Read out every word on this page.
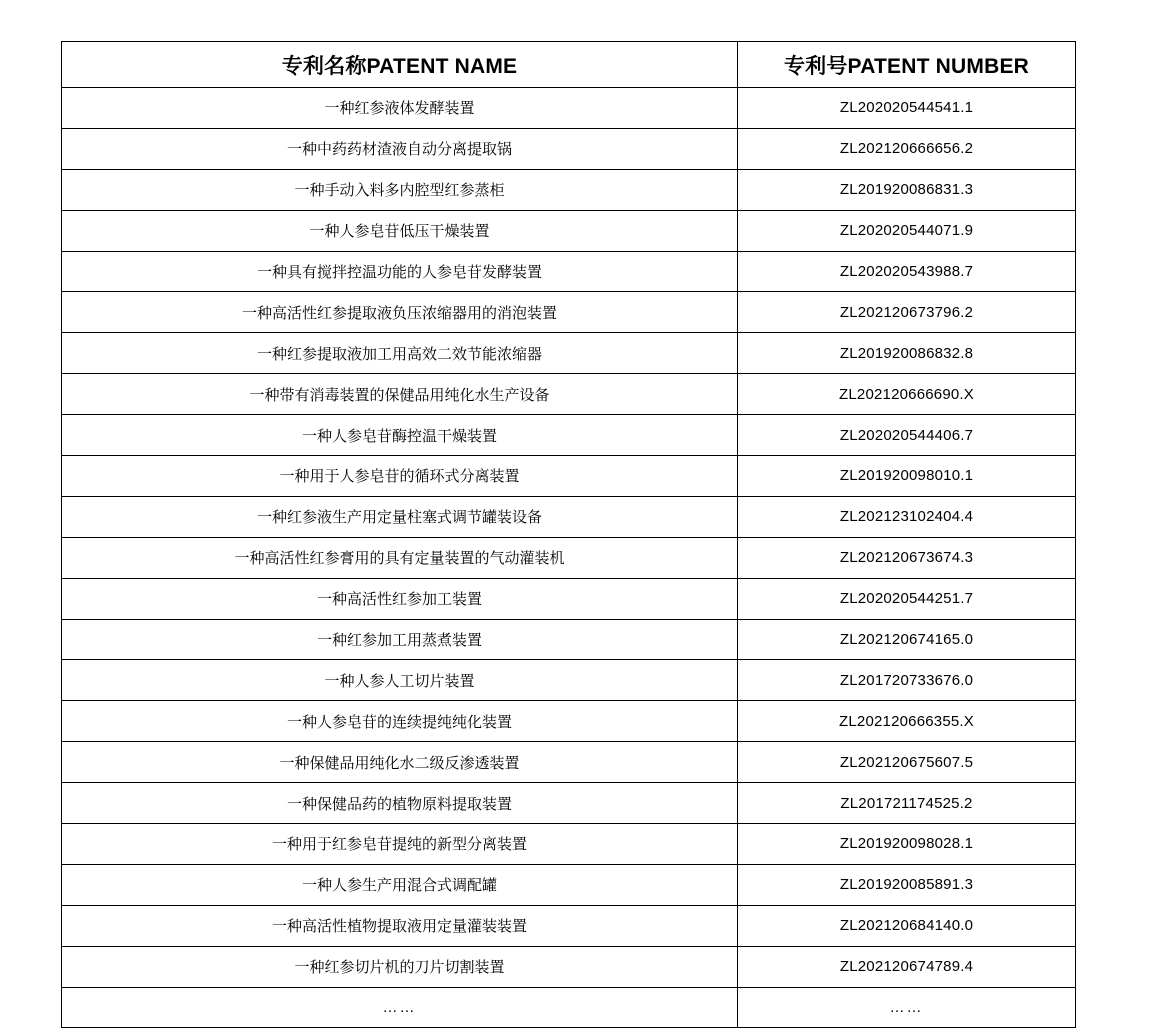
专利名称PATENT NAME	专利号PATENT NUMBER
一种红参液体发酵装置	ZL202020544541.1
一种中药药材渣液自动分离提取锅	ZL202120666656.2
一种手动入料多内腔型红参蒸柜	ZL201920086831.3
一种人参皂苷低压干燥装置	ZL202020544071.9
一种具有搅拌控温功能的人参皂苷发酵装置	ZL202020543988.7
一种高活性红参提取液负压浓缩器用的消泡装置	ZL202120673796.2
一种红参提取液加工用高效二效节能浓缩器	ZL201920086832.8
一种带有消毒装置的保健品用纯化水生产设备	ZL202120666690.X
一种人参皂苷酶控温干燥装置	ZL202020544406.7
一种用于人参皂苷的循环式分离装置	ZL201920098010.1
一种红参液生产用定量柱塞式调节罐装设备	ZL202123102404.4
一种高活性红参膏用的具有定量装置的气动灌装机	ZL202120673674.3
一种高活性红参加工装置	ZL202020544251.7
一种红参加工用蒸煮装置	ZL202120674165.0
一种人参人工切片装置	ZL201720733676.0
一种人参皂苷的连续提纯纯化装置	ZL202120666355.X
一种保健品用纯化水二级反渗透装置	ZL202120675607.5
一种保健品药的植物原料提取装置	ZL201721174525.2
一种用于红参皂苷提纯的新型分离装置	ZL201920098028.1
一种人参生产用混合式调配罐	ZL201920085891.3
一种高活性植物提取液用定量灌装装置	ZL202120684140.0
一种红参切片机的刀片切割装置	ZL202120674789.4
……	……
